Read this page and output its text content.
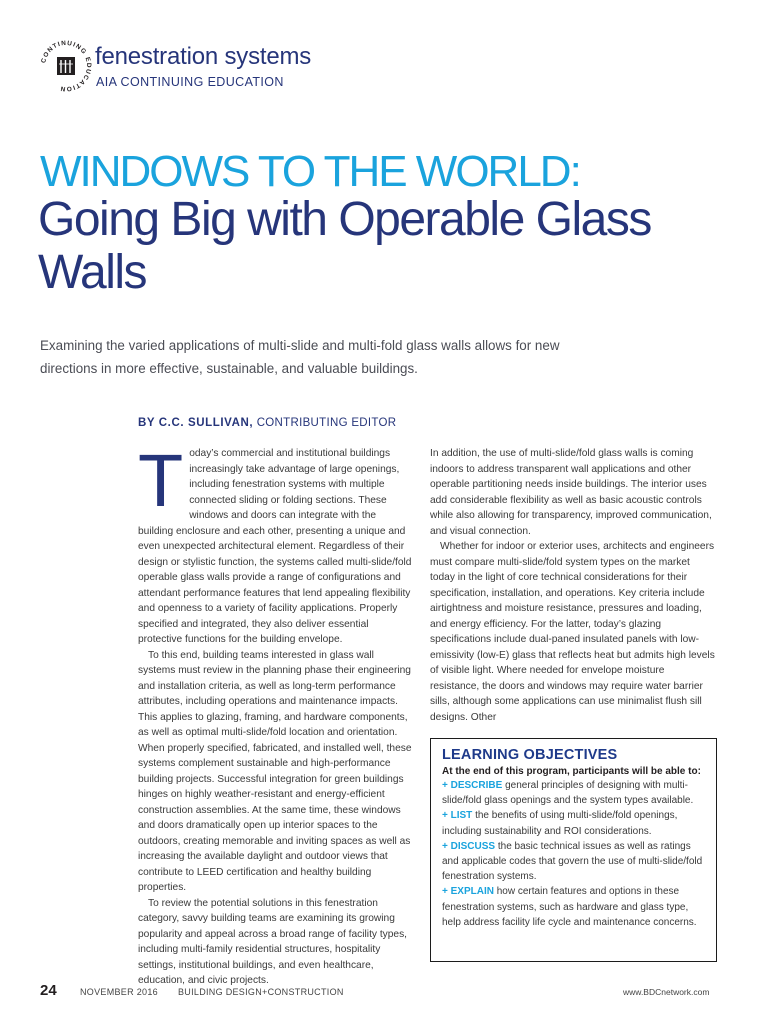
CONTINUING EDUCATION
fenestration systems
AIA CONTINUING EDUCATION
WINDOWS TO THE WORLD:
Going Big with Operable Glass Walls
Examining the varied applications of multi-slide and multi-fold glass walls allows for new directions in more effective, sustainable, and valuable buildings.
BY C.C. SULLIVAN, CONTRIBUTING EDITOR

Today’s commercial and institutional buildings increasingly take advantage of large openings, including fenestration systems with multiple connected sliding or folding sections. These windows and doors can integrate with the building enclosure and each other, presenting a unique and even unexpected architectural element. Regardless of their design or stylistic function, the systems called multi-slide/fold operable glass walls provide a range of configurations and attendant performance features that lend appealing flexibility and openness to a variety of facility applications. Properly specified and integrated, they also deliver essential protective functions for the building envelope.

To this end, building teams interested in glass wall systems must review in the planning phase their engineering and installation criteria, as well as long-term performance attributes, including operations and maintenance impacts. This applies to glazing, framing, and hardware components, as well as optimal multi-slide/fold location and orientation. When properly specified, fabricated, and installed well, these systems complement sustainable and high-performance building projects. Successful integration for green buildings hinges on highly weather-resistant and energy-efficient construction assemblies. At the same time, these windows and doors dramatically open up interior spaces to the outdoors, creating memorable and inviting spaces as well as increasing the available daylight and outdoor views that contribute to LEED certification and healthy building properties.

To review the potential solutions in this fenestration category, savvy building teams are examining its growing popularity and appeal across a broad range of facility types, including multi-family residential structures, hospitality settings, institutional buildings, and even healthcare, education, and civic projects.

In addition, the use of multi-slide/fold glass walls is coming indoors to address transparent wall applications and other operable partitioning needs inside buildings. The interior uses add considerable flexibility as well as basic acoustic controls while also allowing for transparency, improved communication, and visual connection.

Whether for indoor or exterior uses, architects and engineers must compare multi-slide/fold system types on the market today in the light of core technical considerations for their specification, installation, and operations. Key criteria include airtightness and moisture resistance, pressures and loading, and energy efficiency. For the latter, today’s glazing specifications include dual-paned insulated panels with low-emissivity (low-E) glass that reflects heat but admits high levels of visible light. Where needed for envelope moisture resistance, the doors and windows may require water barrier sills, although some applications can use minimalist flush sill designs. Other

LEARNING OBJECTIVES
At the end of this program, participants will be able to:
+ DESCRIBE general principles of designing with multi-slide/fold glass openings and the system types available.
+ LIST the benefits of using multi-slide/fold openings, including sustainability and ROI considerations.
+ DISCUSS the basic technical issues as well as ratings and applicable codes that govern the use of multi-slide/fold fenestration systems.
+ EXPLAIN how certain features and options in these fenestration systems, such as hardware and glass type, help address facility life cycle and maintenance concerns.
24	NOVEMBER 2016 BUILDING DESIGN+CONSTRUCTION	www.BDCnetwork.com
